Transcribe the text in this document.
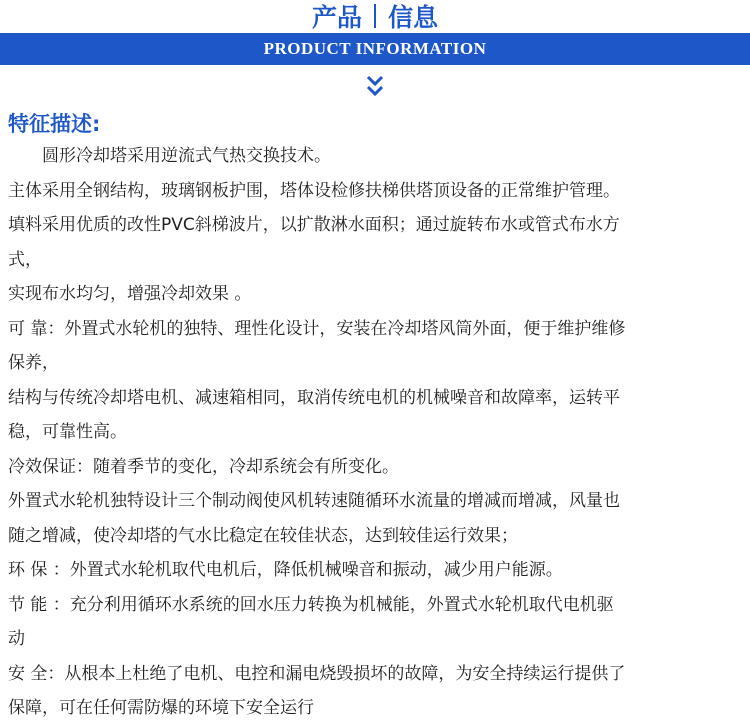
产品 信息
PRODUCT INFORMATION
特征描述:
圆形冷却塔采用逆流式气热交换技术。
主体采用全钢结构，玻璃钢板护围，塔体设检修扶梯供塔顶设备的正常维护管理。
填料采用优质的改性PVC斜梯波片，以扩散淋水面积；通过旋转布水或管式布水方
式，
实现布水均匀，增强冷却效果 。
可 靠：外置式水轮机的独特、理性化设计，安装在冷却塔风筒外面，便于维护维修
保养，
结构与传统冷却塔电机、减速箱相同，取消传统电机的机械噪音和故障率，运转平
稳，可靠性高。
冷效保证：随着季节的变化，冷却系统会有所变化。
外置式水轮机独特设计三个制动阀使风机转速随循环水流量的增减而增减，风量也
随之增减，使冷却塔的气水比稳定在较佳状态，达到较佳运行效果；
环 保 ：外置式水轮机取代电机后，降低机械噪音和振动，减少用户能源。
节 能 ：充分利用循环水系统的回水压力转换为机械能，外置式水轮机取代电机驱
动
安 全：从根本上杜绝了电机、电控和漏电烧毁损坏的故障，为安全持续运行提供了
保障，可在任何需防爆的环境下安全运行
